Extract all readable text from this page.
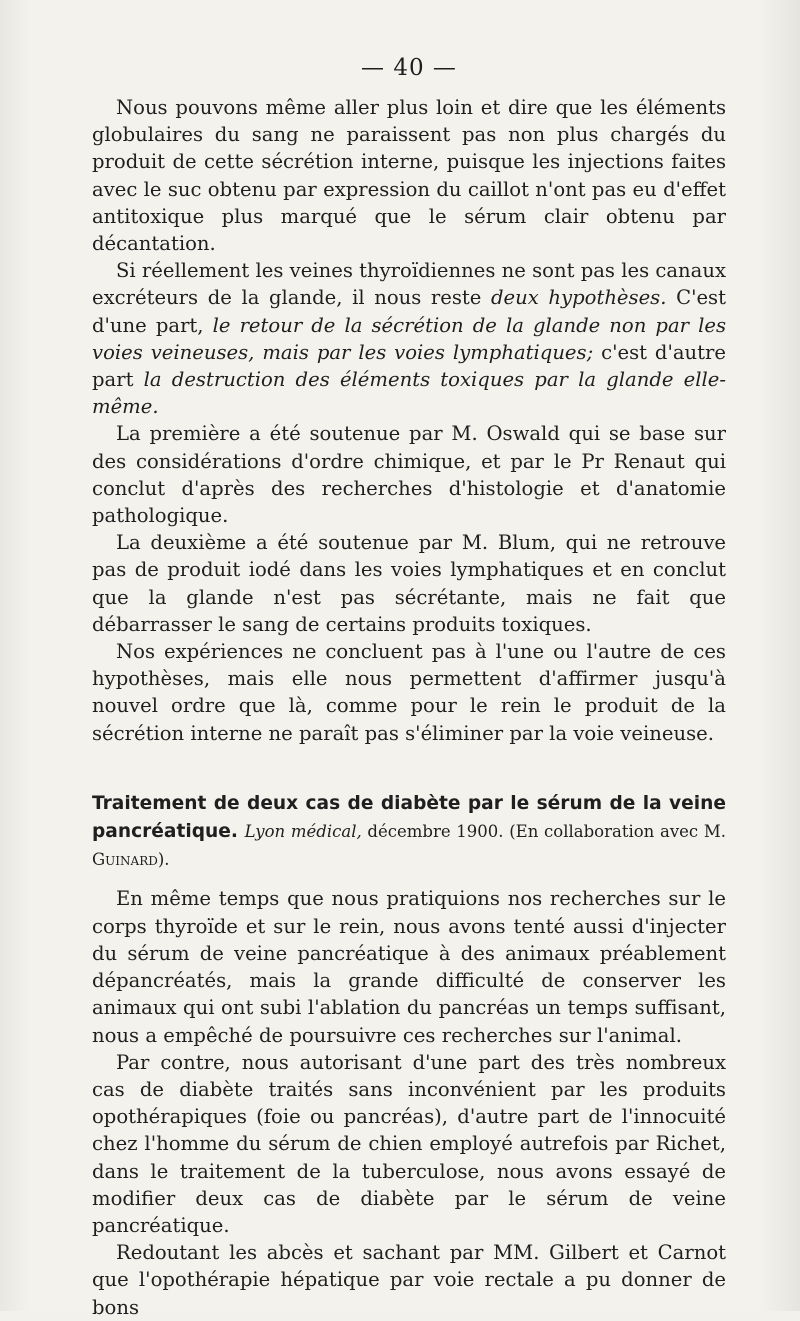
— 40 —

Nous pouvons même aller plus loin et dire que les éléments globulaires du sang ne paraissent pas non plus chargés du produit de cette sécrétion interne, puisque les injections faites avec le suc obtenu par expression du caillot n'ont pas eu d'effet antitoxique plus marqué que le sérum clair obtenu par décantation.

Si réellement les veines thyroïdiennes ne sont pas les canaux excréteurs de la glande, il nous reste deux hypothèses. C'est d'une part, le retour de la sécrétion de la glande non par les voies veineuses, mais par les voies lymphatiques; c'est d'autre part la destruction des éléments toxiques par la glande elle-même.

La première a été soutenue par M. Oswald qui se base sur des considérations d'ordre chimique, et par le Pr Renaut qui conclut d'après des recherches d'histologie et d'anatomie pathologique.

La deuxième a été soutenue par M. Blum, qui ne retrouve pas de produit iodé dans les voies lymphatiques et en conclut que la glande n'est pas sécrétante, mais ne fait que débarrasser le sang de certains produits toxiques.

Nos expériences ne concluent pas à l'une ou l'autre de ces hypothèses, mais elle nous permettent d'affirmer jusqu'à nouvel ordre que là, comme pour le rein le produit de la sécrétion interne ne paraît pas s'éliminer par la voie veineuse.

Traitement de deux cas de diabète par le sérum de la veine pancréatique. Lyon médical, décembre 1900. (En collaboration avec M. Guinard).

En même temps que nous pratiquions nos recherches sur le corps thyroïde et sur le rein, nous avons tenté aussi d'injecter du sérum de veine pancréatique à des animaux préablement dépancréatés, mais la grande difficulté de conserver les animaux qui ont subi l'ablation du pancréas un temps suffisant, nous a empêché de poursuivre ces recherches sur l'animal.

Par contre, nous autorisant d'une part des très nombreux cas de diabète traités sans inconvénient par les produits opothérapiques (foie ou pancréas), d'autre part de l'innocuité chez l'homme du sérum de chien employé autrefois par Richet, dans le traitement de la tuberculose, nous avons essayé de modifier deux cas de diabète par le sérum de veine pancréatique.

Redoutant les abcès et sachant par MM. Gilbert et Carnot que l'opothérapie hépatique par voie rectale a pu donner de bons
